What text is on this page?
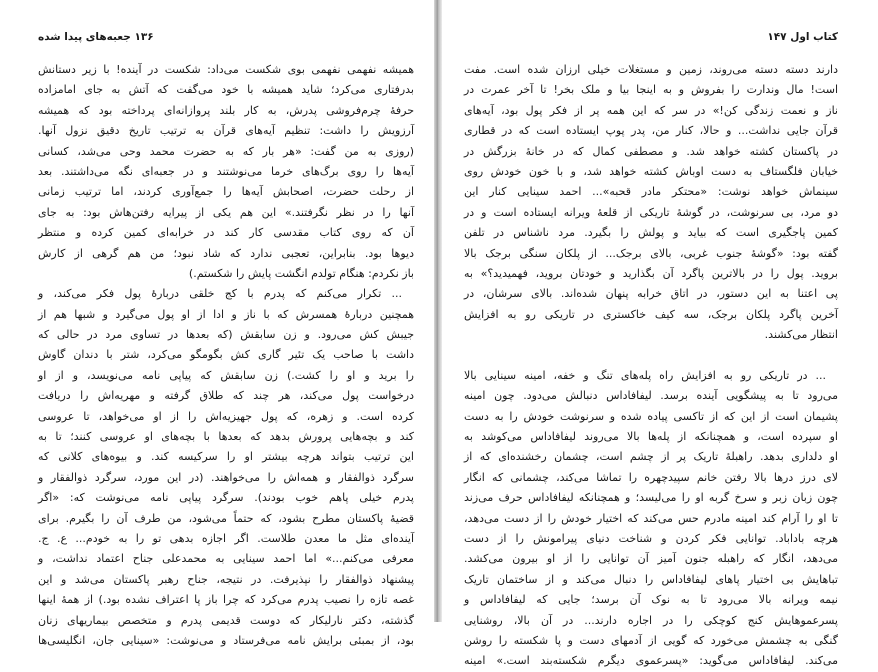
۱۳۶ جعبه‌های پیدا شده
همیشه نفهمی نفهمی بوی شکست می‌داد: شکست در آینده! با زیر دستانش
بدرفتاری می‌کرد؛ شاید همیشه با خود می‌گفت که آتش به جای امامزاده
حرفهٔ چرم‌فروشی پدرش، به کار بلند پروازانه‌ای پرداخته بود که همیشه
آرزویش را داشت: تنظیم آیه‌های قرآن به ترتیب تاریخ دقیق نزول آنها.
(روزی به من گفت: «هر بار که به حضرت محمد وحی می‌شد، کسانی
آیه‌ها را روی برگ‌های خرما می‌نوشتند و در جعبه‌ای نگه می‌داشتند. بعد
از رحلت حضرت، اصحابش آیه‌ها را جمع‌آوری کردند، اما ترتیب زمانی
آنها را در نظر نگرفتند.» این هم یکی از پیرایه رفتن‌هاش بود: به جای
آن که روی کتاب مقدسی کار کند در خرابه‌ای کمین کرده و منتظر
دیوها بود. بنابراین، تعجبی ندارد که شاد نبود؛ من هم گرهی از کارش
باز نکردم: هنگام تولدم انگشت پایش را شکستم.)
... تکرار می‌کنم که پدرم با کج خلقی دربارهٔ پول فکر می‌کند، و
همچنین دربارهٔ همسرش که با ناز و ادا از او پول می‌گیرد و شبها هم از
جیبش کش می‌رود. و زن سابقش (که بعدها در تساوی مرد در حالی که
داشت با صاحب یک تئیر گاری کش بگومگو می‌کرد، شتر با دندان گاوش
را برید و او را کشت.) زن سابقش که پیاپی نامه می‌نویسد، و از او
درخواست پول می‌کند، هر چند که طلاق گرفته و مهریه‌اش را دریافت
کرده است. و زهره، که پول جهیزیه‌اش را از او می‌خواهد، تا عروسی
کند و بچه‌هایی پرورش بدهد که بعدها با بچه‌های او عروسی کنند؛ تا به
این ترتیب بتواند هرچه بیشتر او را سرکیسه کند. و بیوه‌های کلانی که
سرگرد ذوالفقار و همه‌اش را می‌خواهند. (در این مورد، سرگرد ذوالفقار و
پدرم خیلی پاهم خوب بودند). سرگرد پیاپی نامه می‌نوشت که: «اگر
قضیهٔ پاکستان مطرح بشود، که حتماً می‌شود، من طرف آن را بگیرم. برای
آینده‌ای مثل ما معدن طلاست. اگر اجازه بدهی تو را به خودم... ع. ج.
معرفی می‌کنم...» اما احمد سینایی به محمدعلی جناح اعتماد نداشت، و
پیشنهاد ذوالفقار را نپذیرفت. در نتیجه، جناح رهبر پاکستان می‌شد و این
غصه تازه را نصیب پدرم می‌کرد که چرا باز پا اعتراف نشده بود.) از همهٔ اینها
گذشته، دکتر نارلیکار که دوست قدیمی پدرم و متخصص بیماریهای زنان
بود، از بمبئی برایش نامه می‌فرستاد و می‌نوشت: «سینایی جان، انگلیسی‌ها
کتاب اول ۱۴۷
دارند دسته دسته می‌روند، زمین و مستغلات خیلی ارزان شده است. مفت
است! مال وندارت را بفروش و به اینجا بیا و ملک بخر! تا آخر عمرت در
ناز و نعمت زندگی کن!» در سر که این همه پر از فکر پول بود، آیه‌های
قرآن جایی نداشت... و حالا، کنار من، پدر پوپ ایستاده است که در قطاری
در پاکستان کشته خواهد شد. و مصطفی کمال که در خانهٔ بزرگش در
خیابان فلگستاف به دست اوباش کشته خواهد شد، و با خون خودش روی
سینماش خواهد نوشت: «محتکر مادر قحبه»... احمد سینایی کنار این
دو مرد، بی سرنوشت، در گوشهٔ تاریکی از قلعهٔ ویرانه ایستاده است و در
کمین پاجگیری است که بیاید و پولش را بگیرد. مرد ناشناس در تلفن
گفته بود: «گوشهٔ جنوب غربی، بالای برجک... از پلکان سنگی برجک بالا
بروید. پول را در بالاترین پاگرد آن بگذارید و خودتان بروید، فهمیدید؟» به
پی اعتنا به این دستور، در اتاق خرابه پنهان شده‌اند. بالای سرشان، در
آخرین پاگرد پلکان برجک، سه کیف خاکستری در تاریکی رو به افزایش
انتظار می‌کشند.
... در تاریکی رو به افزایش راه پله‌های تنگ و خفه، امینه سینایی بالا
می‌رود تا به پیشگویی آینده برسد. لیفافاداس دنبالش می‌دود. چون امینه
پشیمان است از این که از تاکسی پیاده شده و سرنوشت خودش را به دست
او سپرده است، و همچنانکه از پله‌ها بالا می‌روند لیفافاداس می‌کوشد به
او دلداری بدهد. راهبلهٔ تاریک پر از چشم است، چشمان رخشنده‌ای که از
لای درز درها بالا رفتن خانم سپیدچهره را تماشا می‌کند، چشمانی که انگار
چون زبان زبر و سرخ گربه او را می‌لیسد؛ و همچنانکه لیفافاداس حرف می‌زند
تا او را آرام کند امینه مادرم حس می‌کند که اختیار خودش را از دست می‌دهد،
هرچه باداباد. توانایی فکر کردن و شناخت دنیای پیرامونش را از دست
می‌دهد، انگار که راهبله جنون آمیز آن توانایی را از او بیرون می‌کشد.
تباهایش بی اختیار پاهای لیفافاداس را دنبال می‌کند و از ساختمان تاریک
نیمه ویرانه بالا می‌رود تا به نوک آن برسد؛ جایی که لیفافاداس و
پسرعموهایش کنج کوچکی را در اجاره دارند... در آن بالا، روشنایی
گنگی به چشمش می‌خورد که گویی از آدمهای دست و پا شکسته را روشن
می‌کند. لیفافاداس می‌گوید: «پسرعموی دیگرم شکسته‌بند است.» امینه
